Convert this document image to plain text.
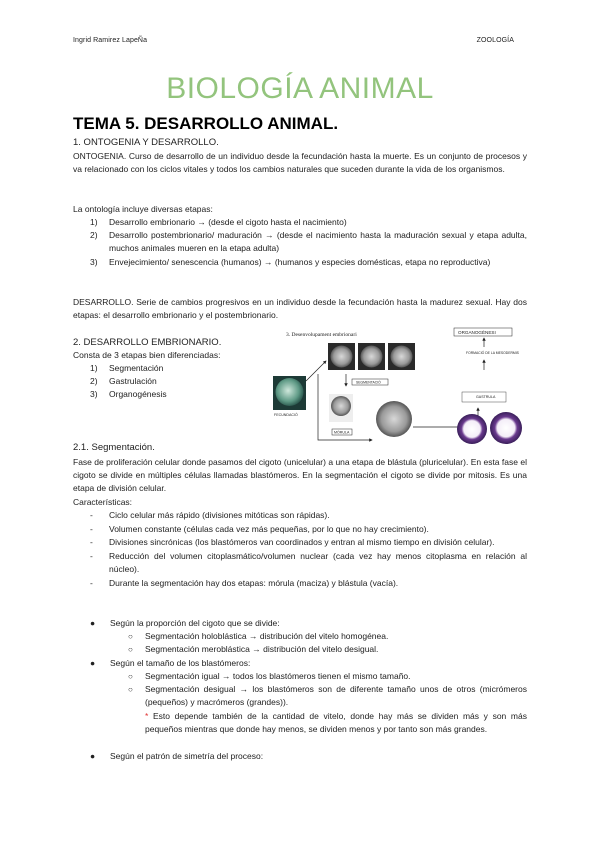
Ingrid Ramirez LapeÑa	ZOOLOGÍA
BIOLOGÍA ANIMAL
TEMA 5. DESARROLLO ANIMAL.
1. ONTOGENIA Y DESARROLLO.
ONTOGENIA. Curso de desarrollo de un individuo desde la fecundación hasta la muerte. Es un conjunto de procesos y va relacionado con los ciclos vitales y todos los cambios naturales que suceden durante la vida de los organismos.
La ontología incluye diversas etapas:
1) Desarrollo embrionario → (desde el cigoto hasta el nacimiento)
2) Desarrollo postembrionario/ maduración → (desde el nacimiento hasta la maduración sexual y etapa adulta, muchos animales mueren en la etapa adulta)
3) Envejecimiento/ senescencia (humanos) → (humanos y especies domésticas, etapa no reproductiva)
DESARROLLO. Serie de cambios progresivos en un individuo desde la fecundación hasta la madurez sexual. Hay dos etapas: el desarrollo embrionario y el postembrionario.
2. DESARROLLO EMBRIONARIO.
Consta de 3 etapas bien diferenciadas:
1) Segmentación
2) Gastrulación
3) Organogénesis
3. Desenvolupament embrionari
FECUNDACIÓ
MÒRULA
SEGMENTACIÓ
ORGANOGÈNESI
FORMACIÓ DE LA MESODERMIS
GASTRULA
2.1. Segmentación.
Fase de proliferación celular donde pasamos del cigoto (unicelular) a una etapa de blástula (pluricelular). En esta fase el cigoto se divide en múltiples células llamadas blastómeros. En la segmentación el cigoto se divide por mitosis. Es una etapa de división celular.
Características:
- Ciclo celular más rápido (divisiones mitóticas son rápidas).
- Volumen constante (células cada vez más pequeñas, por lo que no hay crecimiento).
- Divisiones sincrónicas (los blastómeros van coordinados y entran al mismo tiempo en división celular).
- Reducción del volumen citoplasmático/volumen nuclear (cada vez hay menos citoplasma en relación al núcleo).
- Durante la segmentación hay dos etapas: mórula (maciza) y blástula (vacía).
● Según la proporción del cigoto que se divide:
○ Segmentación holoblástica → distribución del vitelo homogénea.
○ Segmentación meroblástica → distribución del vitelo desigual.
● Según el tamaño de los blastómeros:
○ Segmentación igual → todos los blastómeros tienen el mismo tamaño.
○ Segmentación desigual → los blastómeros son de diferente tamaño unos de otros (micrómeros (pequeños) y macrómeros (grandes)).
* Esto depende también de la cantidad de vitelo, donde hay más se dividen más y son más pequeños mientras que donde hay menos, se dividen menos y por tanto son más grandes.
● Según el patrón de simetría del proceso:
